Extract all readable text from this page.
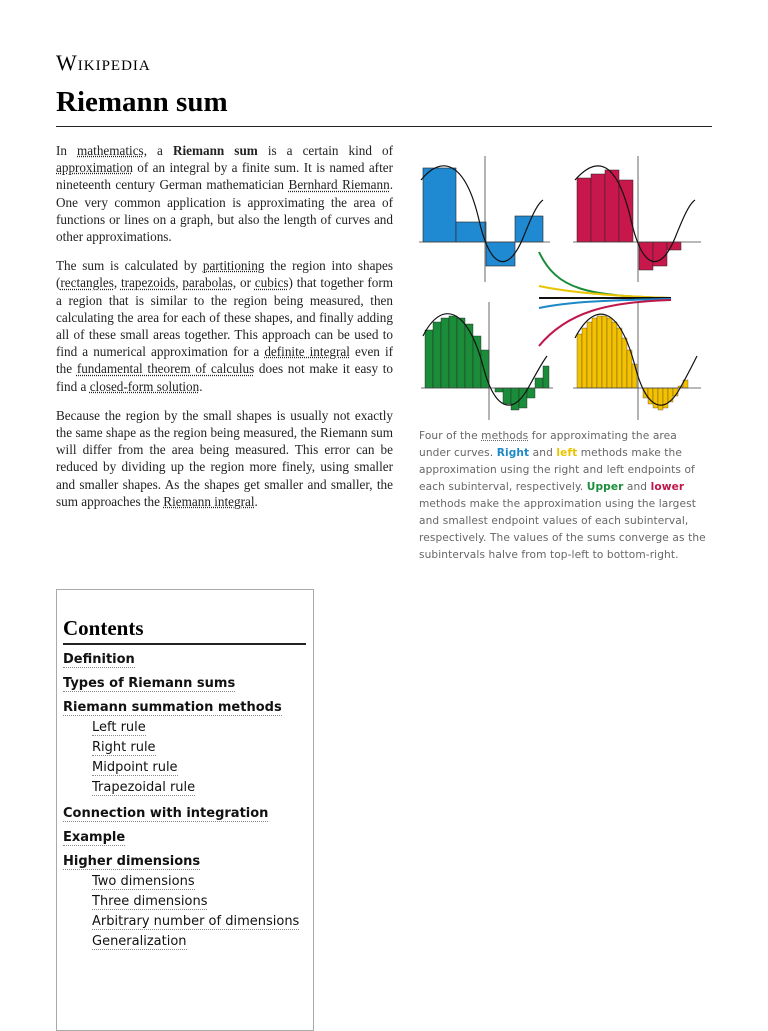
Wikipedia
Riemann sum

In mathematics, a Riemann sum is a certain kind of approximation of an integral by a finite sum. It is named after nineteenth century German mathematician Bernhard Riemann. One very common application is approximating the area of functions or lines on a graph, but also the length of curves and other approximations.

The sum is calculated by partitioning the region into shapes (rectangles, trapezoids, parabolas, or cubics) that together form a region that is similar to the region being measured, then calculating the area for each of these shapes, and finally adding all of these small areas together. This approach can be used to find a numerical approximation for a definite integral even if the fundamental theorem of calculus does not make it easy to find a closed-form solution.

Because the region by the small shapes is usually not exactly the same shape as the region being measured, the Riemann sum will differ from the area being measured. This error can be reduced by dividing up the region more finely, using smaller and smaller shapes. As the shapes get smaller and smaller, the sum approaches the Riemann integral.

Four of the methods for approximating the area under curves. Right and left methods make the approximation using the right and left endpoints of each subinterval, respectively. Upper and lower methods make the approximation using the largest and smallest endpoint values of each subinterval, respectively. The values of the sums converge as the subintervals halve from top-left to bottom-right.
Contents
Definition
Types of Riemann sums
Riemann summation methods
Left rule
Right rule
Midpoint rule
Trapezoidal rule
Connection with integration
Example
Higher dimensions
Two dimensions
Three dimensions
Arbitrary number of dimensions
Generalization
